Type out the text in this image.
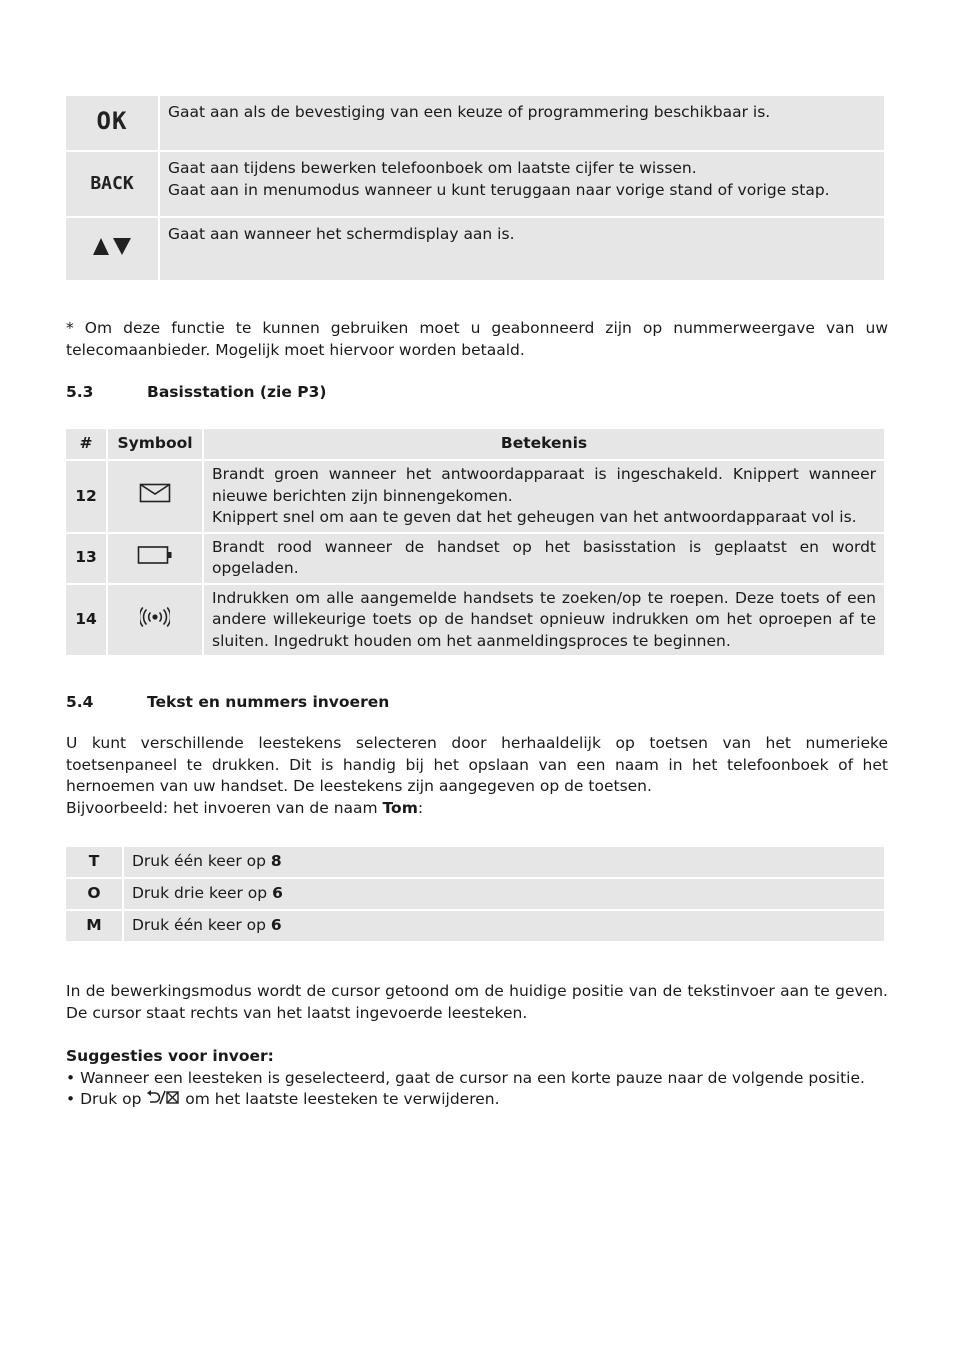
OK	Gaat aan als de bevestiging van een keuze of programmering beschikbaar is.
BACK	Gaat aan tijdens bewerken telefoonboek om laatste cijfer te wissen.
Gaat aan in menumodus wanneer u kunt teruggaan naar vorige stand of vorige stap.

	Gaat aan wanneer het schermdisplay aan is.
* Om deze functie te kunnen gebruiken moet u geabonneerd zijn op nummerweergave van uw telecomaanbieder. Mogelijk moet hiervoor worden betaald.
5.3	Basisstation (zie P3)
#	Symbool	Betekenis
12		Brandt groen wanneer het antwoordapparaat is ingeschakeld. Knippert wanneer nieuwe berichten zijn binnengekomen.
Knippert snel om aan te geven dat het geheugen van het antwoordapparaat vol is.

13		Brandt rood wanneer de handset op het basisstation is geplaatst en wordt opgeladen.
14		Indrukken om alle aangemelde handsets te zoeken/op te roepen. Deze toets of een andere willekeurige toets op de handset opnieuw indrukken om het oproepen af te sluiten. Ingedrukt houden om het aanmeldingsproces te beginnen.
5.4	Tekst en nummers invoeren
U kunt verschillende leestekens selecteren door herhaaldelijk op toetsen van het numerieke toetsenpaneel te drukken. Dit is handig bij het opslaan van een naam in het telefoonboek of het hernoemen van uw handset. De leestekens zijn aangegeven op de toetsen.
Bijvoorbeeld: het invoeren van de naam Tom:
T	Druk één keer op 8
O	Druk drie keer op 6
M	Druk één keer op 6
In de bewerkingsmodus wordt de cursor getoond om de huidige positie van de tekstinvoer aan te geven. De cursor staat rechts van het laatst ingevoerde leesteken.
Suggesties voor invoer:
• Wanneer een leesteken is geselecteerd, gaat de cursor na een korte pauze naar de volgende positie.
• Druk op  om het laatste leesteken te verwijderen.
